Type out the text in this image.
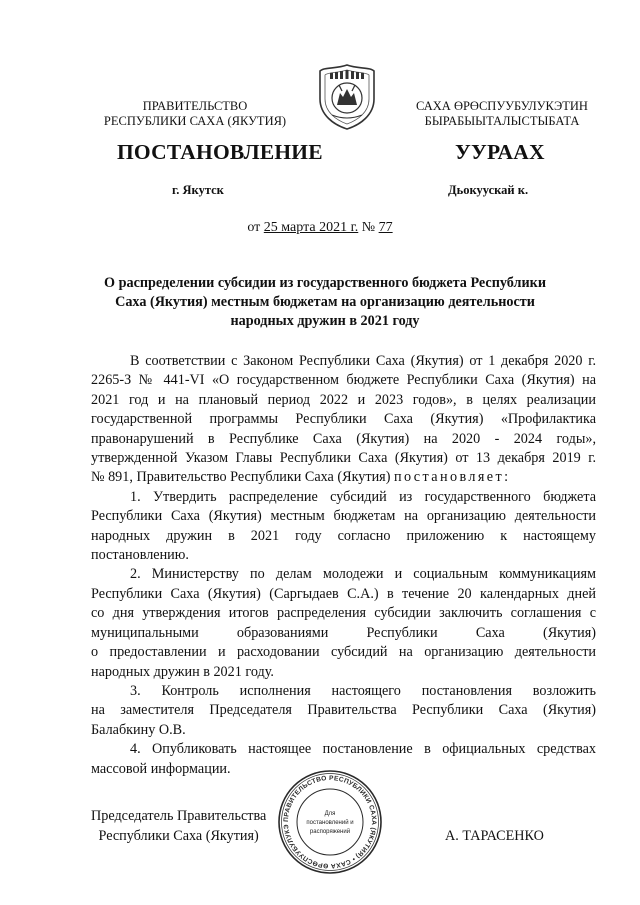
ПРАВИТЕЛЬСТВО
РЕСПУБЛИКИ САХА (ЯКУТИЯ)
САХА ӨРӨСПУУБУЛУКЭТИН
БЫРАБЫЫТАЛЫСТЫБАТА
ПОСТАНОВЛЕНИЕ	УУРААХ
г. Якутск	Дьокуускай к.
от 25 марта 2021 г. № 77
О распределении субсидии из государственного бюджета Республики
Саха (Якутия) местным бюджетам на организацию деятельности
народных дружин в 2021 году
В соответствии с Законом Республики Саха (Якутия) от 1 декабря 2020 г.
2265-З № 441-VI «О государственном бюджете Республики Саха (Якутия) на
2021 год и на плановый период 2022 и 2023 годов», в целях реализации
государственной программы Республики Саха (Якутия) «Профилактика
правонарушений в Республике Саха (Якутия) на 2020 - 2024 годы»,
утвержденной Указом Главы Республики Саха (Якутия) от 13 декабря 2019 г.
№ 891, Правительство Республики Саха (Якутия) постановляет:
1. Утвердить распределение субсидий из государственного бюджета
Республики Саха (Якутия) местным бюджетам на организацию деятельности
народных дружин в 2021 году согласно приложению к настоящему
постановлению.
2. Министерству по делам молодежи и социальным коммуникациям
Республики Саха (Якутия) (Саргыдаев С.А.) в течение 20 календарных дней
со дня утверждения итогов распределения субсидии заключить соглашения с
муниципальными образованиями Республики Саха (Якутия)
о предоставлении и расходовании субсидий на организацию деятельности
народных дружин в 2021 году.
3. Контроль исполнения настоящего постановления возложить
на заместителя Председателя Правительства Республики Саха (Якутия)
Балабкину О.В.
4. Опубликовать настоящее постановление в официальных средствах
массовой информации.
Председатель Правительства
Республики Саха (Якутия)	А. ТАРАСЕНКО
ПРАВИТЕЛЬСТВО РЕСПУБЛИКИ САХА (ЯКУТИЯ) • САХА ӨРӨСПУУБУЛУКЭ
Для
постановлений и
распоряжений
